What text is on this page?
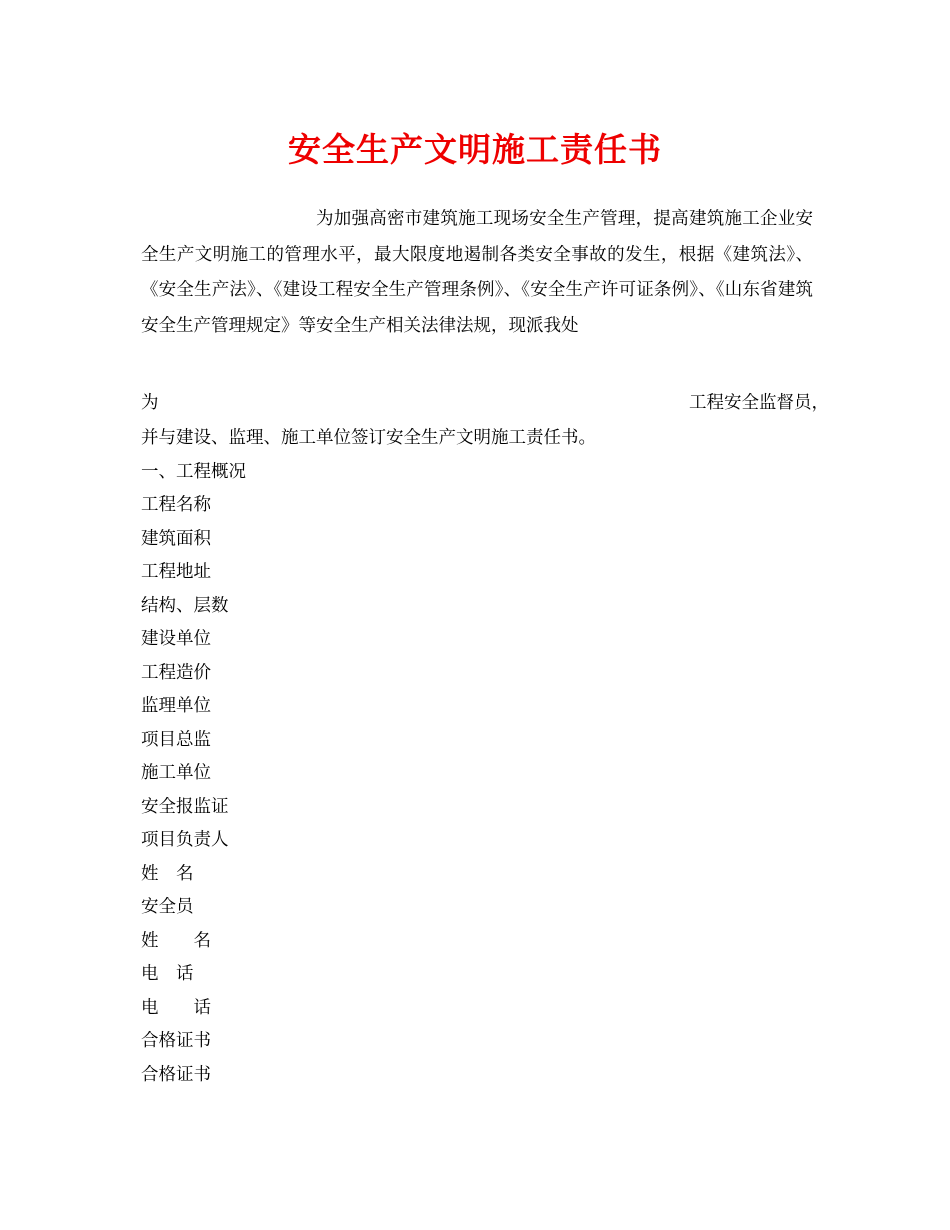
安全生产文明施工责任书

为加强高密市建筑施工现场安全生产管理，提高建筑施工企业安全生产文明施工的管理水平，最大限度地遏制各类安全事故的发生，根据《建筑法》、《安全生产法》、《建设工程安全生产管理条例》、《安全生产许可证条例》、《山东省建筑安全生产管理规定》等安全生产相关法律法规，现派我处

为	工程安全监督员，

并与建设、监理、施工单位签订安全生产文明施工责任书。

一、工程概况

工程名称

建筑面积

工程地址

结构、层数

建设单位

工程造价

监理单位

项目总监

施工单位

安全报监证

项目负责人

姓　名

安全员

姓　　名

电　话

电　　话

合格证书

合格证书
